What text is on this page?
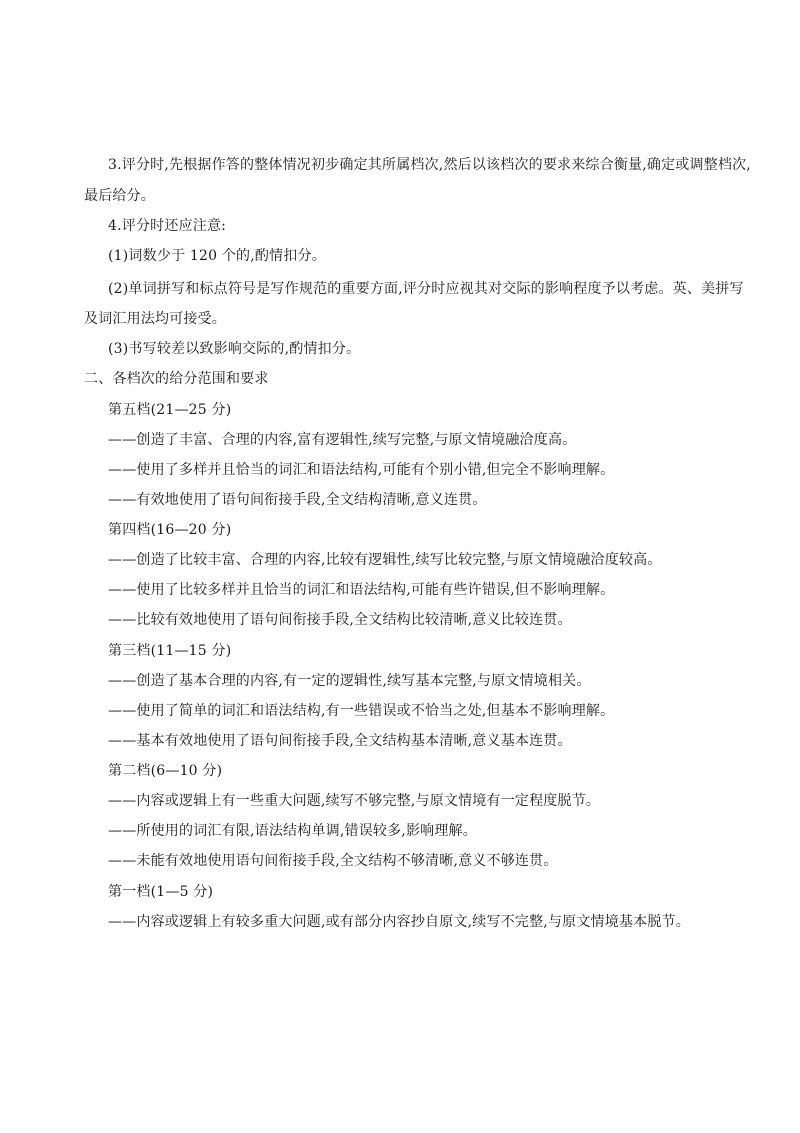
3.评分时,先根据作答的整体情况初步确定其所属档次,然后以该档次的要求来综合衡量,确定或调整档次,
最后给分。
4.评分时还应注意:
(1)词数少于 120 个的,酌情扣分。
(2)单词拼写和标点符号是写作规范的重要方面,评分时应视其对交际的影响程度予以考虑。英、美拼写
及词汇用法均可接受。
(3)书写较差以致影响交际的,酌情扣分。
二、各档次的给分范围和要求
第五档(21—25 分)
——创造了丰富、合理的内容,富有逻辑性,续写完整,与原文情境融洽度高。
——使用了多样并且恰当的词汇和语法结构,可能有个别小错,但完全不影响理解。
——有效地使用了语句间衔接手段,全文结构清晰,意义连贯。
第四档(16—20 分)
——创造了比较丰富、合理的内容,比较有逻辑性,续写比较完整,与原文情境融洽度较高。
——使用了比较多样并且恰当的词汇和语法结构,可能有些许错误,但不影响理解。
——比较有效地使用了语句间衔接手段,全文结构比较清晰,意义比较连贯。
第三档(11—15 分)
——创造了基本合理的内容,有一定的逻辑性,续写基本完整,与原文情境相关。
——使用了简单的词汇和语法结构,有一些错误或不恰当之处,但基本不影响理解。
——基本有效地使用了语句间衔接手段,全文结构基本清晰,意义基本连贯。
第二档(6—10 分)
——内容或逻辑上有一些重大问题,续写不够完整,与原文情境有一定程度脱节。
——所使用的词汇有限,语法结构单调,错误较多,影响理解。
——未能有效地使用语句间衔接手段,全文结构不够清晰,意义不够连贯。
第一档(1—5 分)
——内容或逻辑上有较多重大问题,或有部分内容抄自原文,续写不完整,与原文情境基本脱节。
